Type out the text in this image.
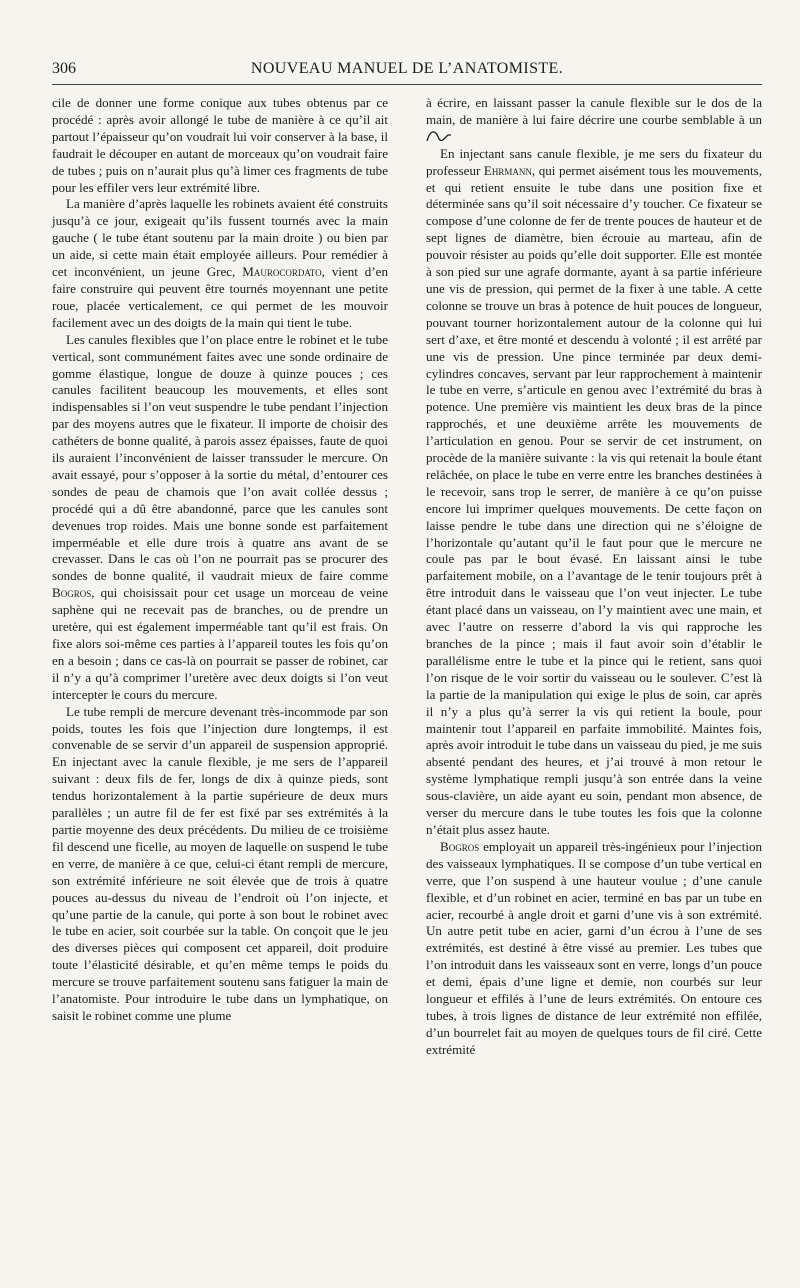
306	NOUVEAU MANUEL DE L’ANATOMISTE.

cile de donner une forme conique aux tubes obtenus par ce procédé : après avoir allongé le tube de manière à ce qu’il ait partout l’épaisseur qu’on voudrait lui voir conserver à la base, il faudrait le découper en autant de morceaux qu’on voudrait faire de tubes ; puis on n’aurait plus qu’à limer ces fragments de tube pour les effiler vers leur extrémité libre.

La manière d’après laquelle les robinets avaient été construits jusqu’à ce jour, exigeait qu’ils fussent tournés avec la main gauche ( le tube étant soutenu par la main droite ) ou bien par un aide, si cette main était employée ailleurs. Pour remédier à cet inconvénient, un jeune Grec, Maurocordato, vient d’en faire construire qui peuvent être tournés moyennant une petite roue, placée verticalement, ce qui permet de les mouvoir facilement avec un des doigts de la main qui tient le tube.

Les canules flexibles que l’on place entre le robinet et le tube vertical, sont communément faites avec une sonde ordinaire de gomme élastique, longue de douze à quinze pouces ; ces canules facilitent beaucoup les mouvements, et elles sont indispensables si l’on veut suspendre le tube pendant l’injection par des moyens autres que le fixateur. Il importe de choisir des cathéters de bonne qualité, à parois assez épaisses, faute de quoi ils auraient l’inconvénient de laisser transsuder le mercure. On avait essayé, pour s’opposer à la sortie du métal, d’entourer ces sondes de peau de chamois que l’on avait collée dessus ; procédé qui a dû être abandonné, parce que les canules sont devenues trop roides. Mais une bonne sonde est parfaitement imperméable et elle dure trois à quatre ans avant de se crevasser. Dans le cas où l’on ne pourrait pas se procurer des sondes de bonne qualité, il vaudrait mieux de faire comme Bogros, qui choisissait pour cet usage un morceau de veine saphène qui ne recevait pas de branches, ou de prendre un uretère, qui est également imperméable tant qu’il est frais. On fixe alors soi-même ces parties à l’appareil toutes les fois qu’on en a besoin ; dans ce cas-là on pourrait se passer de robinet, car il n’y a qu’à comprimer l’uretère avec deux doigts si l’on veut intercepter le cours du mercure.

Le tube rempli de mercure devenant très-incommode par son poids, toutes les fois que l’injection dure longtemps, il est convenable de se servir d’un appareil de suspension approprié. En injectant avec la canule flexible, je me sers de l’appareil suivant : deux fils de fer, longs de dix à quinze pieds, sont tendus horizontalement à la partie supérieure de deux murs parallèles ; un autre fil de fer est fixé par ses extrémités à la partie moyenne des deux précédents. Du milieu de ce troisième fil descend une ficelle, au moyen de laquelle on suspend le tube en verre, de manière à ce que, celui-ci étant rempli de mercure, son extrémité inférieure ne soit élevée que de trois à quatre pouces au-dessus du niveau de l’endroit où l’on injecte, et qu’une partie de la canule, qui porte à son bout le robinet avec le tube en acier, soit courbée sur la table. On conçoit que le jeu des diverses pièces qui composent cet appareil, doit produire toute l’élasticité désirable, et qu’en même temps le poids du mercure se trouve parfaitement soutenu sans fatiguer la main de l’anatomiste. Pour introduire le tube dans un lymphatique, on saisit le robinet comme une plume

à écrire, en laissant passer la canule flexible sur le dos de la main, de manière à lui faire décrire une courbe semblable à un

En injectant sans canule flexible, je me sers du fixateur du professeur Ehrmann, qui permet aisément tous les mouvements, et qui retient ensuite le tube dans une position fixe et déterminée sans qu’il soit nécessaire d’y toucher. Ce fixateur se compose d’une colonne de fer de trente pouces de hauteur et de sept lignes de diamètre, bien écrouie au marteau, afin de pouvoir résister au poids qu’elle doit supporter. Elle est montée à son pied sur une agrafe dormante, ayant à sa partie inférieure une vis de pression, qui permet de la fixer à une table. A cette colonne se trouve un bras à potence de huit pouces de longueur, pouvant tourner horizontalement autour de la colonne qui lui sert d’axe, et être monté et descendu à volonté ; il est arrêté par une vis de pression. Une pince terminée par deux demi-cylindres concaves, servant par leur rapprochement à maintenir le tube en verre, s’articule en genou avec l’extrémité du bras à potence. Une première vis maintient les deux bras de la pince rapprochés, et une deuxième arrête les mouvements de l’articulation en genou. Pour se servir de cet instrument, on procède de la manière suivante : la vis qui retenait la boule étant relâchée, on place le tube en verre entre les branches destinées à le recevoir, sans trop le serrer, de manière à ce qu’on puisse encore lui imprimer quelques mouvements. De cette façon on laisse pendre le tube dans une direction qui ne s’éloigne de l’horizontale qu’autant qu’il le faut pour que le mercure ne coule pas par le bout évasé. En laissant ainsi le tube parfaitement mobile, on a l’avantage de le tenir toujours prêt à être introduit dans le vaisseau que l’on veut injecter. Le tube étant placé dans un vaisseau, on l’y maintient avec une main, et avec l’autre on resserre d’abord la vis qui rapproche les branches de la pince ; mais il faut avoir soin d’établir le parallélisme entre le tube et la pince qui le retient, sans quoi l’on risque de le voir sortir du vaisseau ou le soulever. C’est là la partie de la manipulation qui exige le plus de soin, car après il n’y a plus qu’à serrer la vis qui retient la boule, pour maintenir tout l’appareil en parfaite immobilité. Maintes fois, après avoir introduit le tube dans un vaisseau du pied, je me suis absenté pendant des heures, et j’ai trouvé à mon retour le système lymphatique rempli jusqu’à son entrée dans la veine sous-clavière, un aide ayant eu soin, pendant mon absence, de verser du mercure dans le tube toutes les fois que la colonne n’était plus assez haute.

Bogros employait un appareil très-ingénieux pour l’injection des vaisseaux lymphatiques. Il se compose d’un tube vertical en verre, que l’on suspend à une hauteur voulue ; d’une canule flexible, et d’un robinet en acier, terminé en bas par un tube en acier, recourbé à angle droit et garni d’une vis à son extrémité. Un autre petit tube en acier, garni d’un écrou à l’une de ses extrémités, est destiné à être vissé au premier. Les tubes que l’on introduit dans les vaisseaux sont en verre, longs d’un pouce et demi, épais d’une ligne et demie, non courbés sur leur longueur et effilés à l’une de leurs extrémités. On entoure ces tubes, à trois lignes de distance de leur extrémité non effilée, d’un bourrelet fait au moyen de quelques tours de fil ciré. Cette extrémité
